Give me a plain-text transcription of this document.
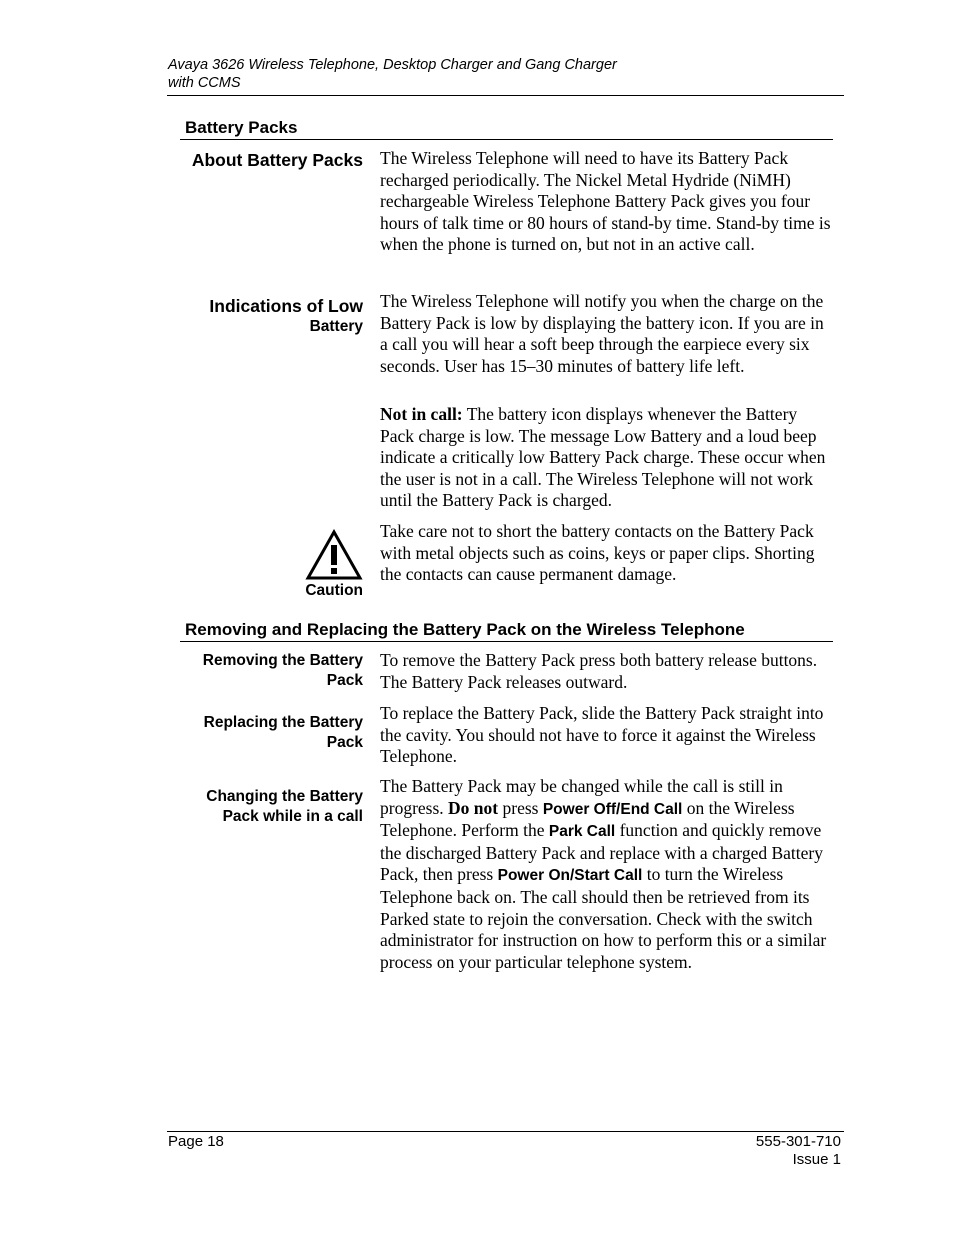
Avaya 3626 Wireless Telephone, Desktop Charger and Gang Charger
with CCMS
Battery Packs
About Battery Packs The Wireless Telephone will need to have its Battery Pack recharged periodically. The Nickel Metal Hydride (NiMH) rechargeable Wireless Telephone Battery Pack gives you four hours of talk time or 80 hours of stand-by time. Stand-by time is when the phone is turned on, but not in an active call.

Indications of Low
Battery

The Wireless Telephone will notify you when the charge on the Battery Pack is low by displaying the battery icon. If you are in a call you will hear a soft beep through the earpiece every six seconds. User has 15–30 minutes of battery life left.

Not in call: The battery icon displays whenever the Battery Pack charge is low. The message Low Battery and a loud beep indicate a critically low Battery Pack charge. These occur when the user is not in a call. The Wireless Telephone will not work until the Battery Pack is charged.

Caution

Take care not to short the battery contacts on the Battery Pack with metal objects such as coins, keys or paper clips. Shorting the contacts can cause permanent damage.

Removing and Replacing the Battery Pack on the Wireless Telephone
Removing the Battery
Pack

To remove the Battery Pack press both battery release buttons. The Battery Pack releases outward.

Replacing the Battery
Pack

To replace the Battery Pack, slide the Battery Pack straight into the cavity. You should not have to force it against the Wireless Telephone.

Changing the Battery
Pack while in a call

The Battery Pack may be changed while the call is still in progress. Do not press Power Off/End Call on the Wireless Telephone. Perform the Park Call function and quickly remove the discharged Battery Pack and replace with a charged Battery Pack, then press Power On/Start Call to turn the Wireless Telephone back on. The call should then be retrieved from its Parked state to rejoin the conversation. Check with the switch administrator for instruction on how to perform this or a similar
process on your particular telephone system.

Page 18	555-301-710
Issue 1
